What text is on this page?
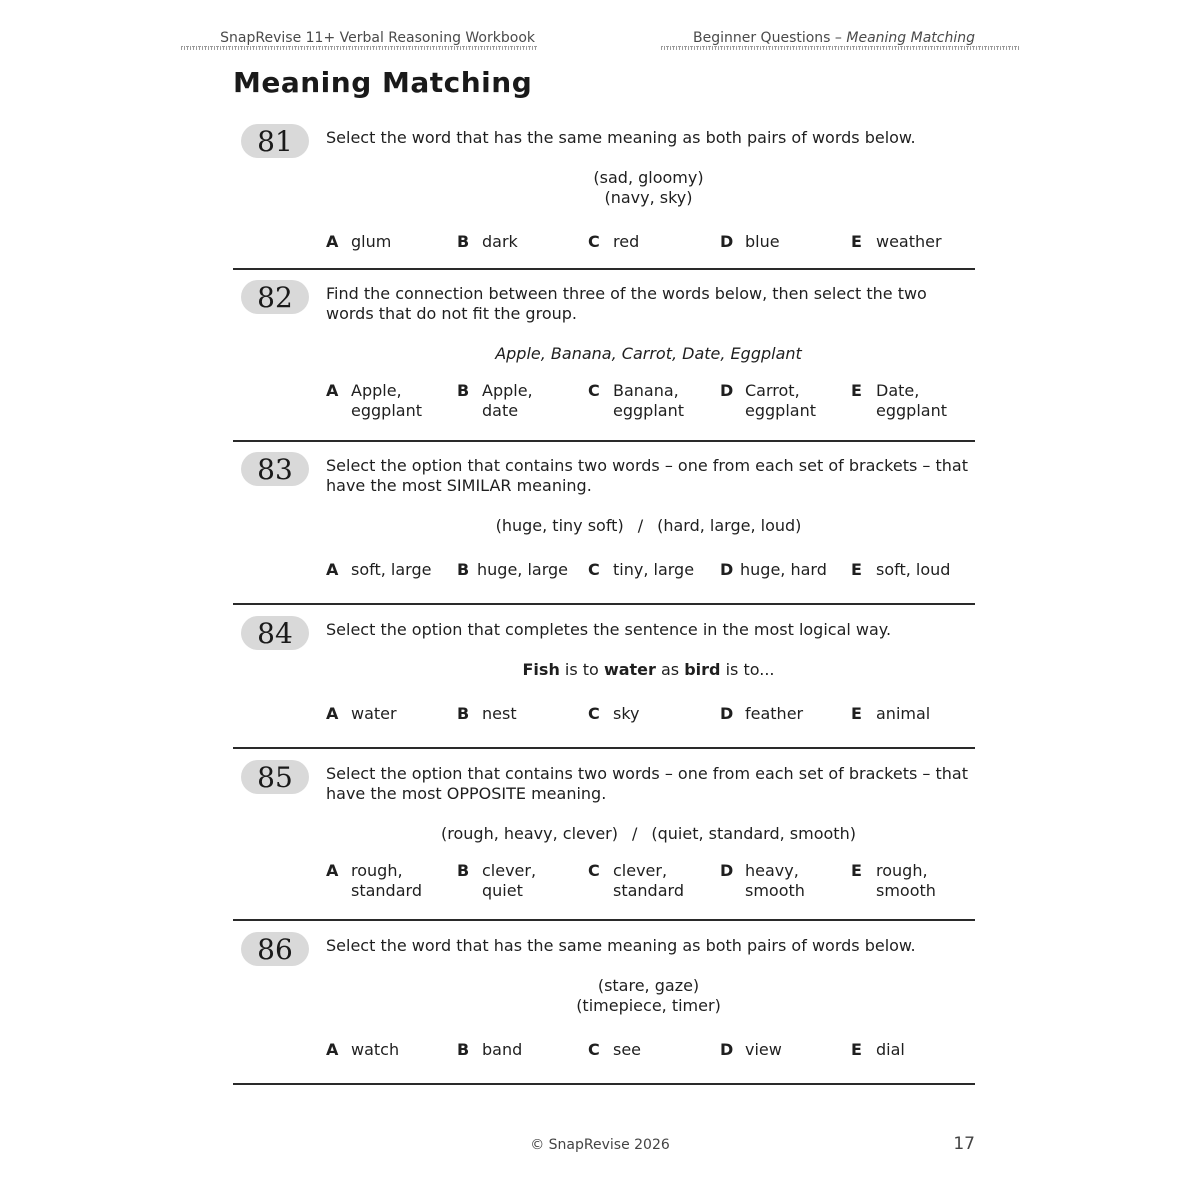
SnapRevise 11+ Verbal Reasoning Workbook	Beginner Questions – Meaning Matching
Meaning Matching
81	Select the word that has the same meaning as both pairs of words below.
(sad, gloomy)
(navy, sky)
A glum	B dark	C red	D blue	E weather
82	Find the connection between three of the words below, then select the two words that do not fit the group.
Apple, Banana, Carrot, Date, Eggplant
A Apple, eggplant
B Apple, date
C Banana, eggplant
D Carrot, eggplant
E Date, eggplant
83	Select the option that contains two words – one from each set of brackets – that have the most SIMILAR meaning.
(huge, tiny soft) / (hard, large, loud)
A soft, large	B huge, large	C tiny, large	D huge, hard	E soft, loud
84	Select the option that completes the sentence in the most logical way.
Fish is to water as bird is to...
A water	B nest	C sky	D feather	E animal
85	Select the option that contains two words – one from each set of brackets – that have the most OPPOSITE meaning.
(rough, heavy, clever) / (quiet, standard, smooth)
A rough, standard
B clever, quiet
C clever, standard
D heavy, smooth
E rough, smooth
86	Select the word that has the same meaning as both pairs of words below.
(stare, gaze)
(timepiece, timer)
A watch	B band	C see	D view	E dial
© SnapRevise 2026	17
